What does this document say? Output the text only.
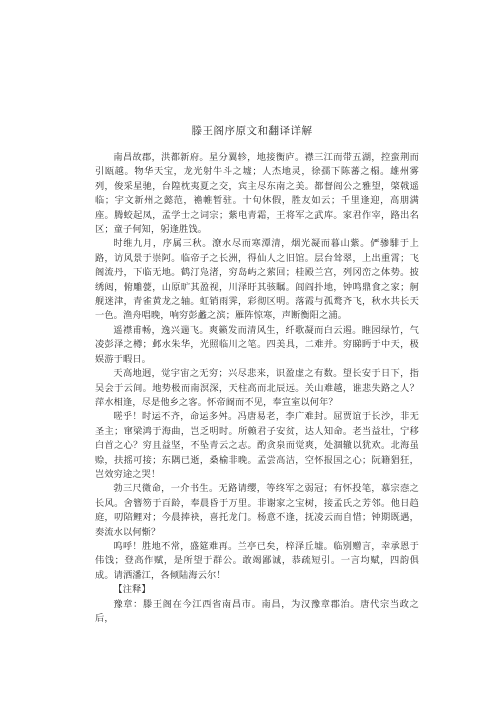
滕王阁序原文和翻译详解

南昌故郡，洪都新府。星分翼轸，地接衡庐。襟三江而带五湖，控蛮荆而引瓯越。物华天宝，龙光射牛斗之墟；人杰地灵，徐孺下陈蕃之榻。雄州雾列，俊采星驰，台隍枕夷夏之交，宾主尽东南之美。都督阎公之雅望，棨戟遥临；宇文新州之懿范，襜帷暂驻。十旬休假，胜友如云；千里逢迎，高朋满座。腾蛟起凤，孟学士之词宗；紫电青霜，王将军之武库。家君作宰，路出名区；童子何知，躬逢胜饯。

时维九月，序属三秋。潦水尽而寒潭清，烟光凝而暮山紫。俨骖騑于上路，访风景于崇阿。临帝子之长洲，得仙人之旧馆。层台耸翠，上出重霄；飞阁流丹，下临无地。鹤汀凫渚，穷岛屿之萦回；桂殿兰宫，列冈峦之体势。披绣闼，俯雕甍，山原旷其盈视，川泽盱其骇瞩。闾阎扑地，钟鸣鼎食之家；舸舰迷津，青雀黄龙之轴。虹销雨霁，彩彻区明。落霞与孤鹜齐飞，秋水共长天一色。渔舟唱晚，响穷彭蠡之滨；雁阵惊寒，声断衡阳之浦。

遥襟甫畅，逸兴遄飞。爽籁发而清风生，纤歌凝而白云遏。睢园绿竹，气凌彭泽之樽；邺水朱华，光照临川之笔。四美具，二难并。穷睇眄于中天，极娱游于暇日。

天高地迥，觉宇宙之无穷；兴尽悲来，识盈虚之有数。望长安于日下，指吴会于云间。地势极而南溟深，天柱高而北辰远。关山难越，谁悲失路之人？萍水相逢，尽是他乡之客。怀帝阍而不见，奉宣室以何年？

嗟乎！时运不齐，命运多舛。冯唐易老，李广难封。屈贾谊于长沙，非无圣主；窜梁鸿于海曲，岂乏明时。所赖君子安贫，达人知命。老当益壮，宁移白首之心？穷且益坚，不坠青云之志。酌贪泉而觉爽，处涸辙以犹欢。北海虽赊，扶摇可接；东隅已逝，桑榆非晚。孟尝高洁，空怀报国之心；阮籍猖狂，岂效穷途之哭！

勃三尺微命，一介书生。无路请缨，等终军之弱冠；有怀投笔，慕宗悫之长风。舍簪笏于百龄，奉晨昏于万里。非谢家之宝树，接孟氏之芳邻。他日趋庭，叨陪鲤对；今晨捧袂，喜托龙门。杨意不逢，抚凌云而自惜；钟期既遇，奏流水以何惭？

呜呼！胜地不常，盛筵难再。兰亭已矣，梓泽丘墟。临别赠言，幸承恩于伟饯；登高作赋，是所望于群公。敢竭鄙诚，恭疏短引。一言均赋，四韵俱成。请洒潘江，各倾陆海云尔！

【注释】

豫章：滕王阁在今江西省南昌市。南昌，为汉豫章郡治。唐代宗当政之后，
